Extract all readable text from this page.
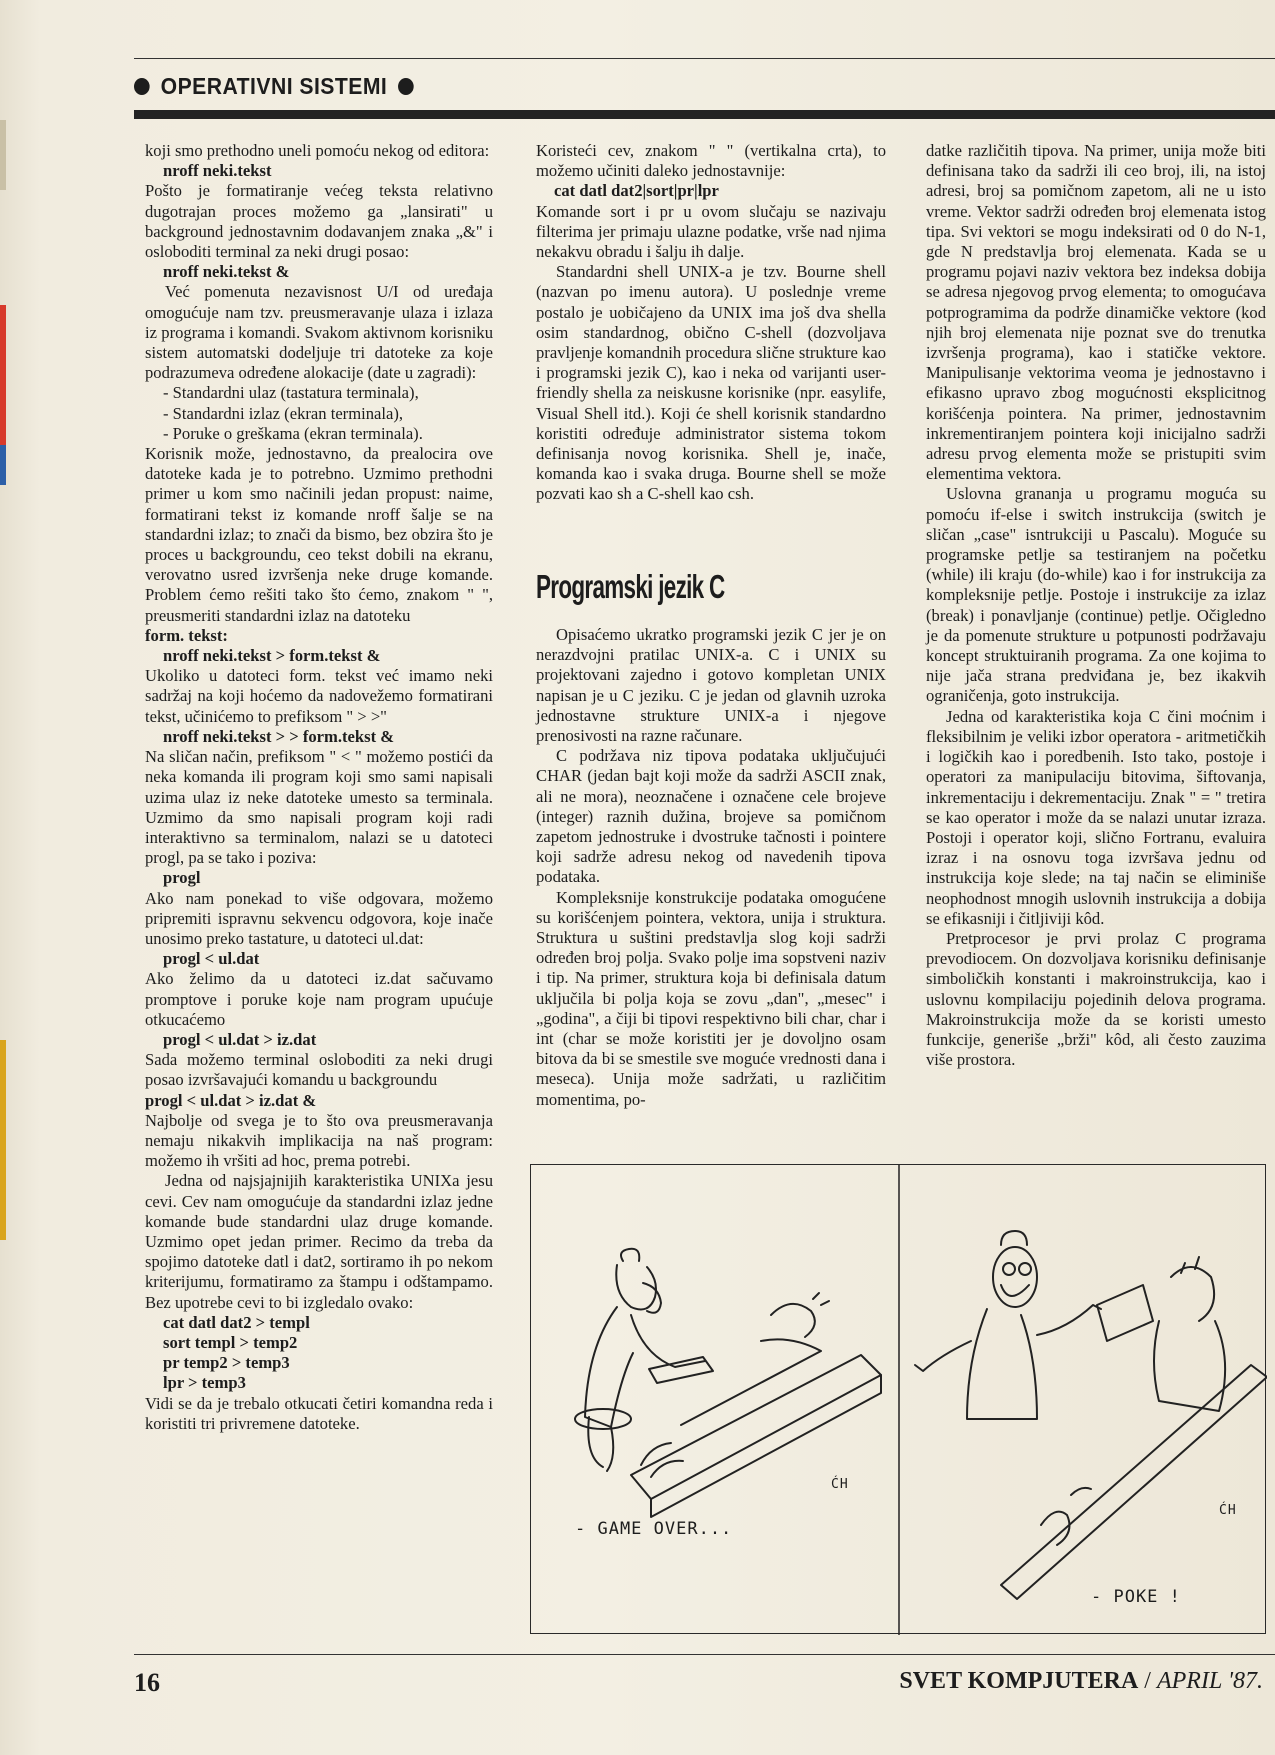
OPERATIVNI SISTEMI

koji smo prethodno uneli pomoću nekog od editora:

nroff neki.tekst

Pošto je formatiranje većeg teksta relativno dugotrajan proces možemo ga „lansirati" u background jednostavnim dodavanjem znaka „&" i osloboditi terminal za neki drugi posao:

nroff neki.tekst &

Već pomenuta nezavisnost U/I od uređaja omogućuje nam tzv. preusmeravanje ulaza i izlaza iz programa i komandi. Svakom aktivnom korisniku sistem automatski dodeljuje tri datoteke za koje podrazumeva određene alokacije (date u zagradi):

- Standardni ulaz (tastatura terminala),

- Standardni izlaz (ekran terminala),

- Poruke o greškama (ekran terminala).

Korisnik može, jednostavno, da prealocira ove datoteke kada je to potrebno. Uzmimo prethodni primer u kom smo načinili jedan propust: naime, formatirani tekst iz komande nroff šalje se na standardni izlaz; to znači da bismo, bez obzira što je proces u backgroundu, ceo tekst dobili na ekranu, verovatno usred izvršenja neke druge komande. Problem ćemo rešiti tako što ćemo, znakom " ", preusmeriti standardni izlaz na datoteku

form. tekst:

nroff neki.tekst > form.tekst &

Ukoliko u datoteci form. tekst već imamo neki sadržaj na koji hoćemo da nadovežemo formatirani tekst, učinićemo to prefiksom " > >"

nroff neki.tekst > > form.tekst &

Na sličan način, prefiksom " < " možemo postići da neka komanda ili program koji smo sami napisali uzima ulaz iz neke datoteke umesto sa terminala. Uzmimo da smo napisali program koji radi interaktivno sa terminalom, nalazi se u datoteci progl, pa se tako i poziva:

progl

Ako nam ponekad to više odgovara, možemo pripremiti ispravnu sekvencu odgovora, koje inače unosimo preko tastature, u datoteci ul.dat:

progl < ul.dat

Ako želimo da u datoteci iz.dat sačuvamo promptove i poruke koje nam program upućuje otkucaćemo

progl < ul.dat > iz.dat

Sada možemo terminal osloboditi za neki drugi posao izvršavajući komandu u backgroundu

progl < ul.dat > iz.dat &

Najbolje od svega je to što ova preusmeravanja nemaju nikakvih implikacija na naš program: možemo ih vršiti ad hoc, prema potrebi.

Jedna od najsjajnijih karakteristika UNIXa jesu cevi. Cev nam omogućuje da standardni izlaz jedne komande bude standardni ulaz druge komande. Uzmimo opet jedan primer. Recimo da treba da spojimo datoteke datl i dat2, sortiramo ih po nekom kriterijumu, formatiramo za štampu i odštampamo. Bez upotrebe cevi to bi izgledalo ovako:

cat datl dat2 > templ

sort templ > temp2

pr temp2 > temp3

lpr > temp3

Vidi se da je trebalo otkucati četiri komandna reda i koristiti tri privremene datoteke.

Koristeći cev, znakom " " (vertikalna crta), to možemo učiniti daleko jednostavnije:

cat datl dat2|sort|pr|lpr

Komande sort i pr u ovom slučaju se nazivaju filterima jer primaju ulazne podatke, vrše nad njima nekakvu obradu i šalju ih dalje.

Standardni shell UNIX-a je tzv. Bourne shell (nazvan po imenu autora). U poslednje vreme postalo je uobičajeno da UNIX ima još dva shella osim standardnog, obično C-shell (dozvoljava pravljenje komandnih procedura slične strukture kao i programski jezik C), kao i neka od varijanti user-friendly shella za neiskusne korisnike (npr. easylife, Visual Shell itd.). Koji će shell korisnik standardno koristiti određuje administrator sistema tokom definisanja novog korisnika. Shell je, inače, komanda kao i svaka druga. Bourne shell se može pozvati kao sh a C-shell kao csh.

Programski jezik C

Opisaćemo ukratko programski jezik C jer je on nerazdvojni pratilac UNIX-a. C i UNIX su projektovani zajedno i gotovo kompletan UNIX napisan je u C jeziku. C je jedan od glavnih uzroka jednostavne strukture UNIX-a i njegove prenosivosti na razne računare.

C podržava niz tipova podataka uključujući CHAR (jedan bajt koji može da sadrži ASCII znak, ali ne mora), neoznačene i označene cele brojeve (integer) raznih dužina, brojeve sa pomičnom zapetom jednostruke i dvostruke tačnosti i pointere koji sadrže adresu nekog od navedenih tipova podataka.

Kompleksnije konstrukcije podataka omogućene su korišćenjem pointera, vektora, unija i struktura. Struktura u suštini predstavlja slog koji sadrži određen broj polja. Svako polje ima sopstveni naziv i tip. Na primer, struktura koja bi definisala datum uključila bi polja koja se zovu „dan", „mesec" i „godina", a čiji bi tipovi respektivno bili char, char i int (char se može koristiti jer je dovoljno osam bitova da bi se smestile sve moguće vrednosti dana i meseca). Unija može sadržati, u različitim momentima, po-

datke različitih tipova. Na primer, unija može biti definisana tako da sadrži ili ceo broj, ili, na istoj adresi, broj sa pomičnom zapetom, ali ne u isto vreme. Vektor sadrži određen broj elemenata istog tipa. Svi vektori se mogu indeksirati od 0 do N-1, gde N predstavlja broj elemenata. Kada se u programu pojavi naziv vektora bez indeksa dobija se adresa njegovog prvog elementa; to omogućava potprogramima da podrže dinamičke vektore (kod njih broj elemenata nije poznat sve do trenutka izvršenja programa), kao i statičke vektore. Manipulisanje vektorima veoma je jednostavno i efikasno upravo zbog mogućnosti eksplicitnog korišćenja pointera. Na primer, jednostavnim inkrementiranjem pointera koji inicijalno sadrži adresu prvog elementa može se pristupiti svim elementima vektora.

Uslovna grananja u programu moguća su pomoću if-else i switch instrukcija (switch je sličan „case" isntrukciji u Pascalu). Moguće su programske petlje sa testiranjem na početku (while) ili kraju (do-while) kao i for instrukcija za kompleksnije petlje. Postoje i instrukcije za izlaz (break) i ponavljanje (continue) petlje. Očigledno je da pomenute strukture u potpunosti podržavaju koncept struktuiranih programa. Za one kojima to nije jača strana predviđana je, bez ikakvih ograničenja, goto instrukcija.

Jedna od karakteristika koja C čini moćnim i fleksibilnim je veliki izbor operatora - aritmetičkih i logičkih kao i poredbenih. Isto tako, postoje i operatori za manipulaciju bitovima, šiftovanja, inkrementaciju i dekrementaciju. Znak " = " tretira se kao operator i može da se nalazi unutar izraza. Postoji i operator koji, slično Fortranu, evaluira izraz i na osnovu toga izvršava jednu od instrukcija koje slede; na taj način se eliminiše neophodnost mnogih uslovnih instrukcija a dobija se efikasniji i čitljiviji kôd.

Pretprocesor je prvi prolaz C programa prevodiocem. On dozvoljava korisniku definisanje simboličkih konstanti i makroinstrukcija, kao i uslovnu kompilaciju pojedinih delova programa. Makroinstrukcija može da se koristi umesto funkcije, generiše „brži" kôd, ali često zauzima više prostora.

- GAME OVER...
- POKE !
ĆH
ĆH
16	SVET KOMPJUTERA / APRIL '87.
